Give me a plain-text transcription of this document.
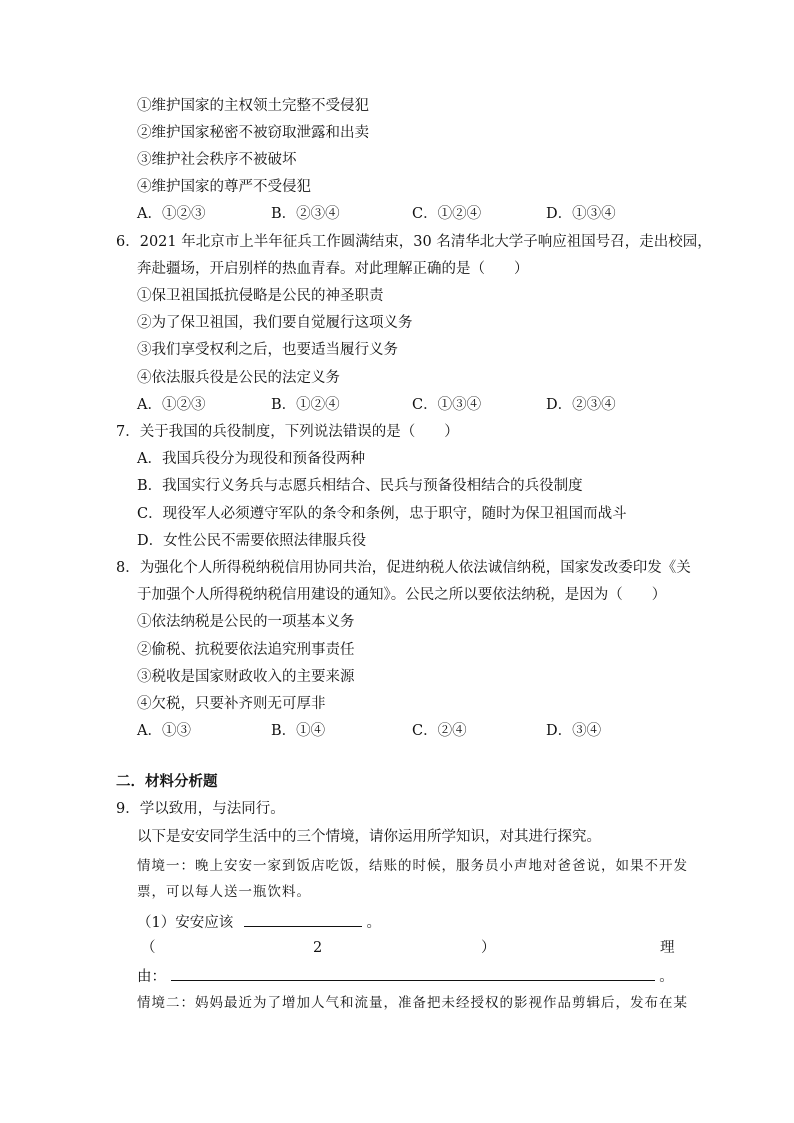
①维护国家的主权领土完整不受侵犯
②维护国家秘密不被窃取泄露和出卖
③维护社会秩序不被破坏
④维护国家的尊严不受侵犯
A．①②③	B．②③④	C．①②④	D．①③④
6．2021 年北京市上半年征兵工作圆满结束，30 名清华北大学子响应祖国号召，走出校园，
奔赴疆场，开启别样的热血青春。对此理解正确的是（　　）
①保卫祖国抵抗侵略是公民的神圣职责
②为了保卫祖国，我们要自觉履行这项义务
③我们享受权利之后，也要适当履行义务
④依法服兵役是公民的法定义务
A．①②③	B．①②④	C．①③④	D．②③④
7．关于我国的兵役制度，下列说法错误的是（　　）
A．我国兵役分为现役和预备役两种
B．我国实行义务兵与志愿兵相结合、民兵与预备役相结合的兵役制度
C．现役军人必须遵守军队的条令和条例，忠于职守，随时为保卫祖国而战斗
D．女性公民不需要依照法律服兵役
8．为强化个人所得税纳税信用协同共治，促进纳税人依法诚信纳税，国家发改委印发《关
于加强个人所得税纳税信用建设的通知》。公民之所以要依法纳税，是因为（　　）
①依法纳税是公民的一项基本义务
②偷税、抗税要依法追究刑事责任
③税收是国家财政收入的主要来源
④欠税，只要补齐则无可厚非
A．①③	B．①④	C．②④	D．③④
二．材料分析题
9．学以致用，与法同行。
以下是安安同学生活中的三个情境，请你运用所学知识，对其进行探究。
情境一：晚上安安一家到饭店吃饭，结账的时候，服务员小声地对爸爸说，如果不开发
票，可以每人送一瓶饮料。
（1）安安应该	。
（	2	）	理
由：	。
情境二：妈妈最近为了增加人气和流量，准备把未经授权的影视作品剪辑后，发布在某
